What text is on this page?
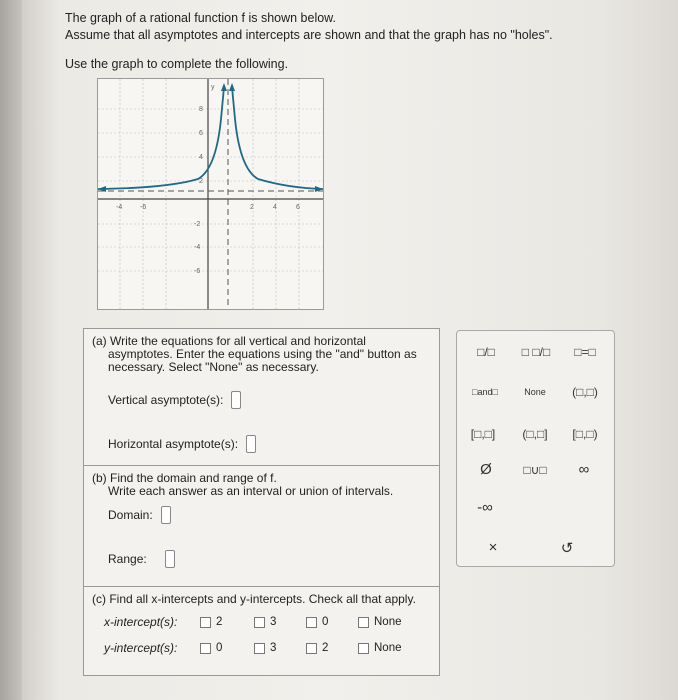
The graph of a rational function f is shown below.
Assume that all asymptotes and intercepts are shown and that the graph has no "holes".
Use the graph to complete the following.
y
-4	-6
8
6
4
2
-2
-4
-6
2	4	6
(a) Write the equations for all vertical and horizontal
asymptotes. Enter the equations using the "and" button as
necessary. Select "None" as necessary.
Vertical asymptote(s):
Horizontal asymptote(s):
(b) Find the domain and range of f.
Write each answer as an interval or union of intervals.
Domain:
Range:
(c) Find all x-intercepts and y-intercepts. Check all that apply.
x-intercept(s):	2	3	0	None
y-intercept(s):	0	3	2	None
□/□	□ □/□	□=□
□and□	None	(□,□)
[□,□]	(□,□]	[□,□)
Ø	□∪□	∞
-∞
×	↺
